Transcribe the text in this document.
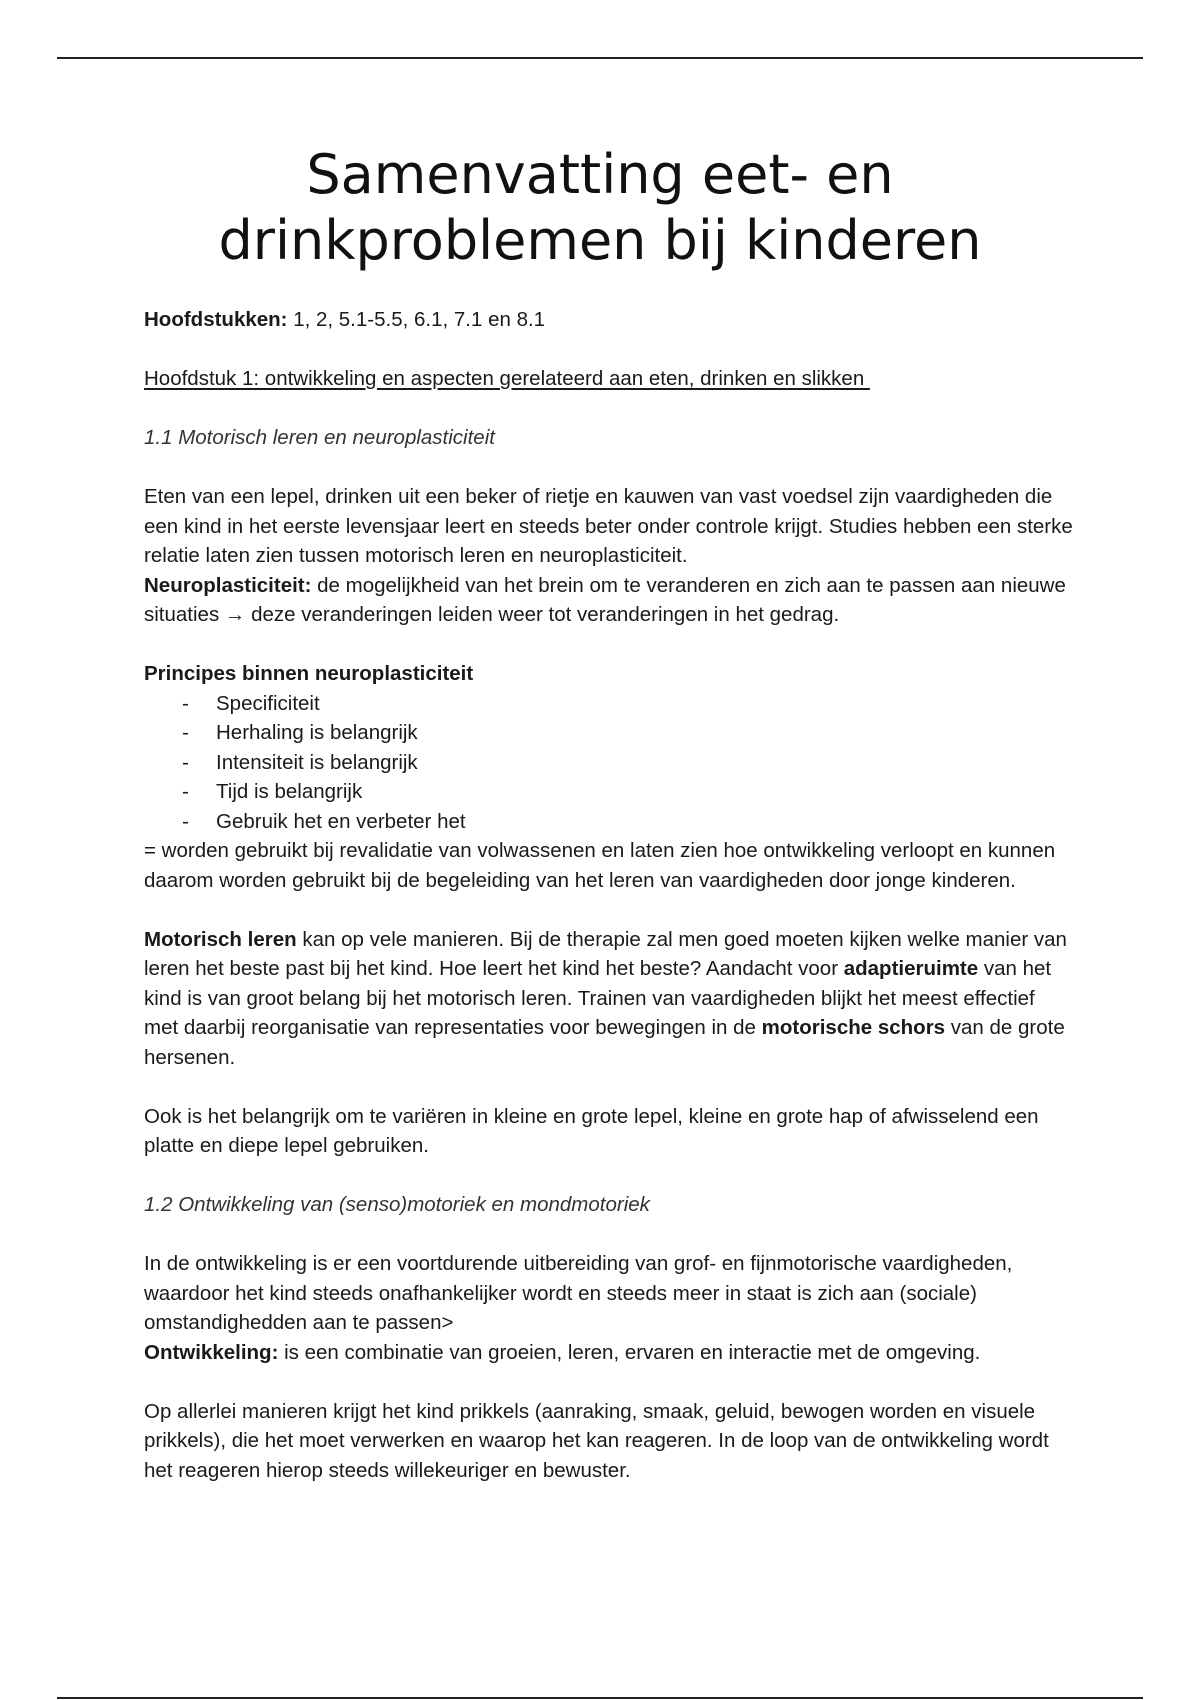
Samenvatting eet- en
drinkproblemen bij kinderen

Hoofdstukken: 1, 2, 5.1-5.5, 6.1, 7.1 en 8.1

Hoofdstuk 1: ontwikkeling en aspecten gerelateerd aan eten, drinken en slikken

1.1 Motorisch leren en neuroplasticiteit

Eten van een lepel, drinken uit een beker of rietje en kauwen van vast voedsel zijn vaardigheden die een kind in het eerste levensjaar leert en steeds beter onder controle krijgt. Studies hebben een sterke relatie laten zien tussen motorisch leren en neuroplasticiteit.

Neuroplasticiteit: de mogelijkheid van het brein om te veranderen en zich aan te passen aan nieuwe situaties → deze veranderingen leiden weer tot veranderingen in het gedrag.

Principes binnen neuroplasticiteit

- Specificiteit
- Herhaling is belangrijk
- Intensiteit is belangrijk
- Tijd is belangrijk
- Gebruik het en verbeter het

= worden gebruikt bij revalidatie van volwassenen en laten zien hoe ontwikkeling verloopt en kunnen daarom worden gebruikt bij de begeleiding van het leren van vaardigheden door jonge kinderen.

Motorisch leren kan op vele manieren. Bij de therapie zal men goed moeten kijken welke manier van leren het beste past bij het kind. Hoe leert het kind het beste? Aandacht voor adaptieruimte van het kind is van groot belang bij het motorisch leren. Trainen van vaardigheden blijkt het meest effectief met daarbij reorganisatie van representaties voor bewegingen in de motorische schors van de grote hersenen.

Ook is het belangrijk om te variëren in kleine en grote lepel, kleine en grote hap of afwisselend een platte en diepe lepel gebruiken.

1.2 Ontwikkeling van (senso)motoriek en mondmotoriek

In de ontwikkeling is er een voortdurende uitbereiding van grof- en fijnmotorische vaardigheden, waardoor het kind steeds onafhankelijker wordt en steeds meer in staat is zich aan (sociale) omstandighedden aan te passen>

Ontwikkeling: is een combinatie van groeien, leren, ervaren en interactie met de omgeving.

Op allerlei manieren krijgt het kind prikkels (aanraking, smaak, geluid, bewogen worden en visuele prikkels), die het moet verwerken en waarop het kan reageren. In de loop van de ontwikkeling wordt het reageren hierop steeds willekeuriger en bewuster.
